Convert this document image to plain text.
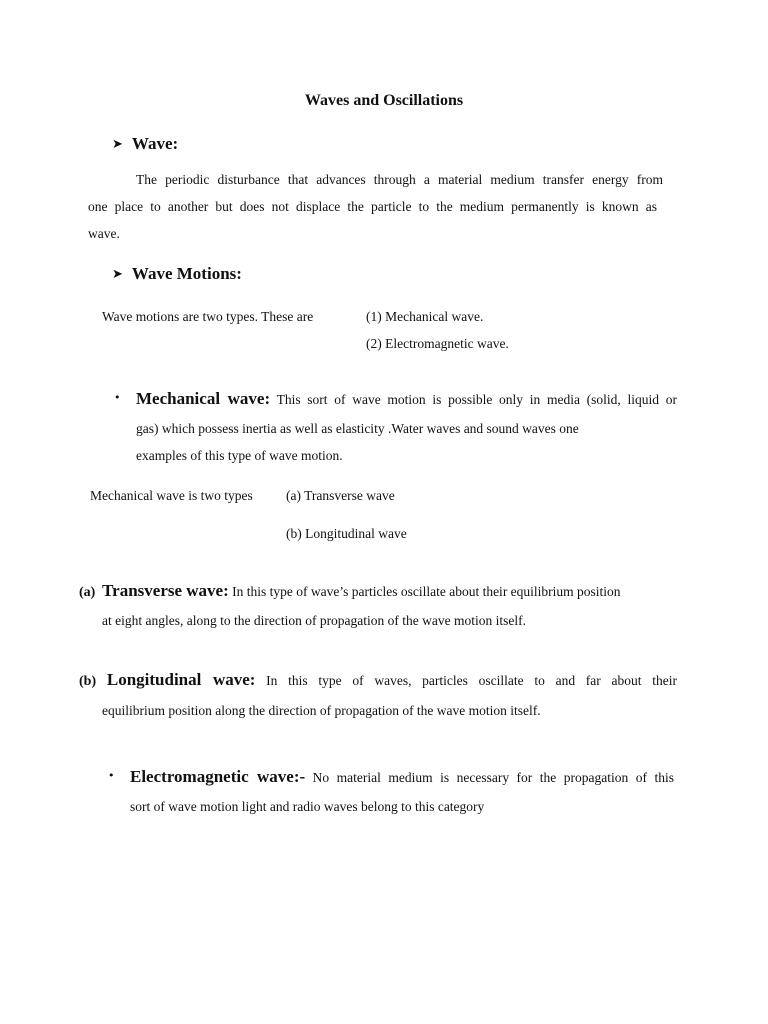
Waves and Oscillations
➤ Wave:
The periodic disturbance that advances through a material medium transfer energy from
one place to another but does not displace the particle to the medium permanently is known as
wave.
➤ Wave Motions:
Wave motions are two types. These are	(1) Mechanical wave.
(2) Electromagnetic wave.
• Mechanical wave: This sort of wave motion is possible only in media (solid, liquid or
gas) which possess inertia as well as elasticity .Water waves and sound waves one
examples of this type of wave motion.
Mechanical wave is two types (a) Transverse wave
(b) Longitudinal wave
(a) Transverse wave: In this type of wave’s particles oscillate about their equilibrium position
at eight angles, along to the direction of propagation of the wave motion itself.
(b) Longitudinal wave: In this type of waves, particles oscillate to and far about their
equilibrium position along the direction of propagation of the wave motion itself.
• Electromagnetic wave:- No material medium is necessary for the propagation of this
sort of wave motion light and radio waves belong to this category
